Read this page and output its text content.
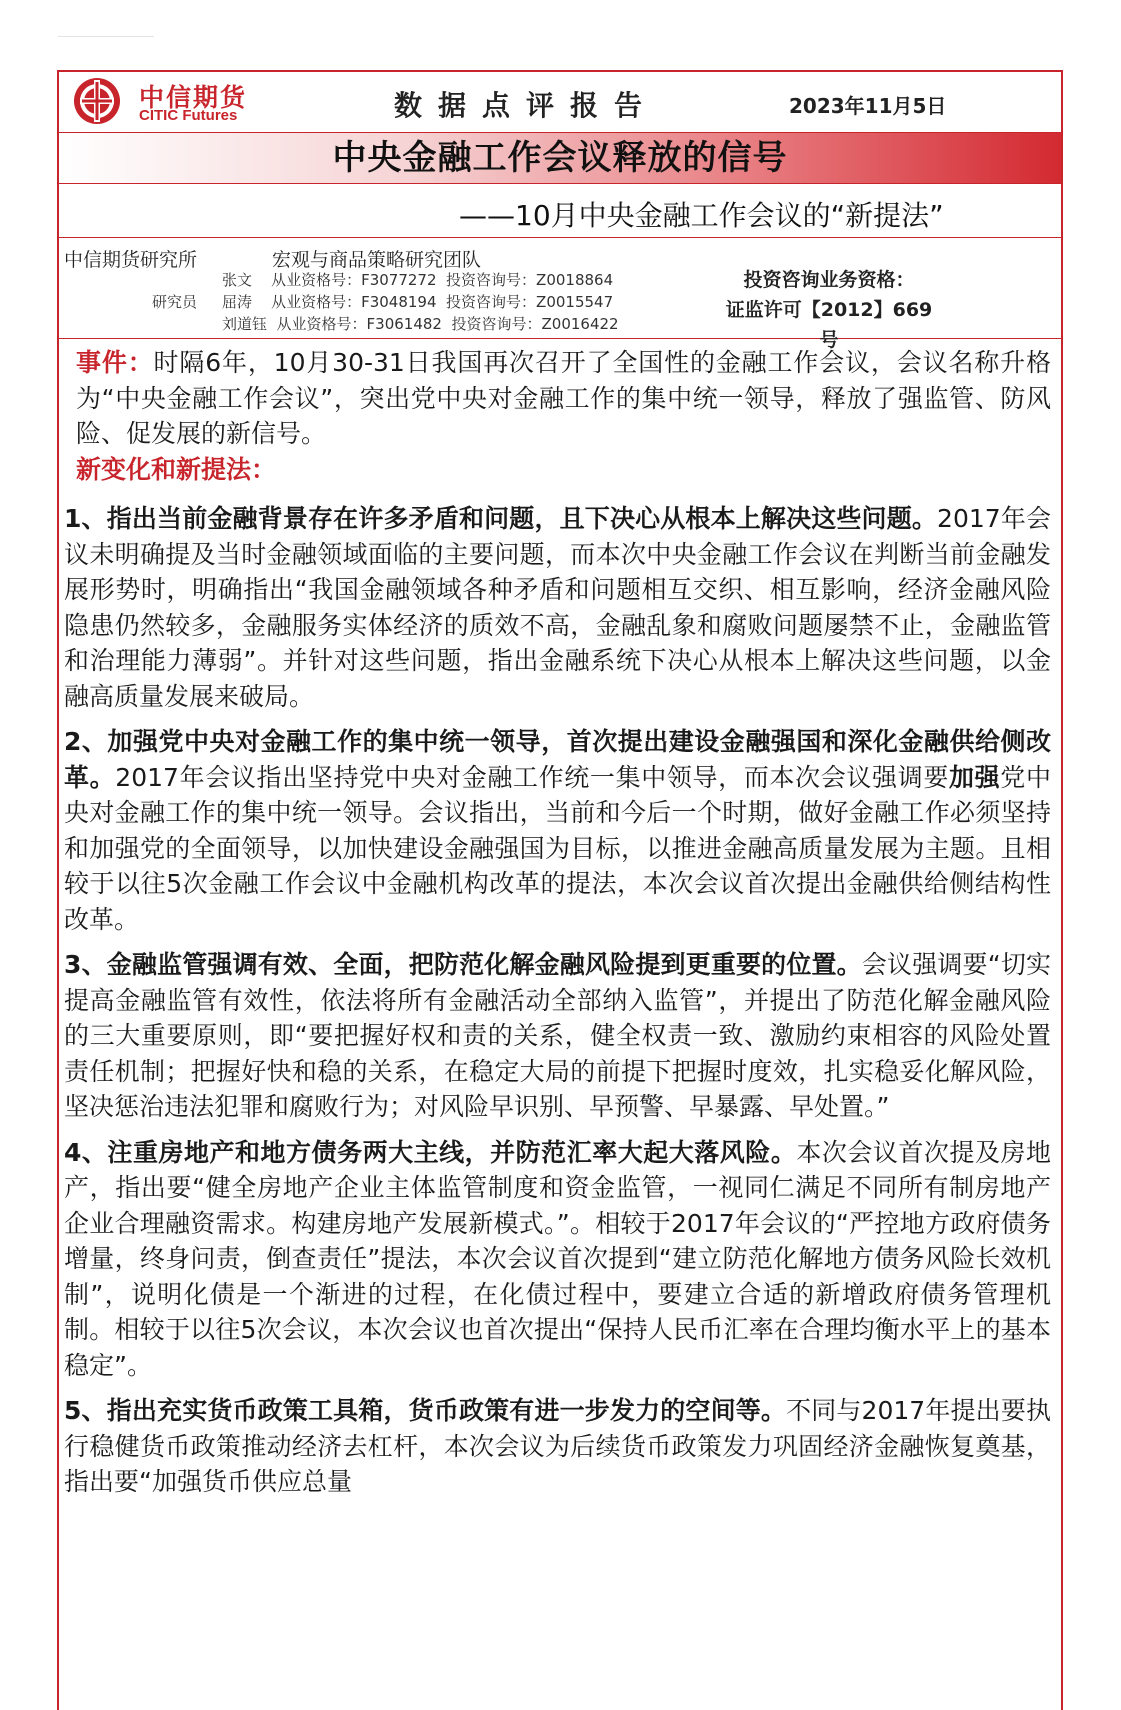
中信期货
CITIC Futures	数据点评报告	2023年11月5日
中央金融工作会议释放的信号
——10月中央金融工作会议的“新提法”
中信期货研究所	宏观与商品策略研究团队
研究员
张文    从业资格号：F3077272  投资咨询号：Z0018864
屈涛    从业资格号：F3048194  投资咨询号：Z0015547
刘道钰  从业资格号：F3061482  投资咨询号：Z0016422
投资咨询业务资格：
证监许可【2012】669号

事件：时隔6年，10月30-31日我国再次召开了全国性的金融工作会议，会议名称升格为“中央金融工作会议”，突出党中央对金融工作的集中统一领导，释放了强监管、防风险、促发展的新信号。

新变化和新提法：

1、指出当前金融背景存在许多矛盾和问题，且下决心从根本上解决这些问题。2017年会议未明确提及当时金融领域面临的主要问题，而本次中央金融工作会议在判断当前金融发展形势时，明确指出“我国金融领域各种矛盾和问题相互交织、相互影响，经济金融风险隐患仍然较多，金融服务实体经济的质效不高，金融乱象和腐败问题屡禁不止，金融监管和治理能力薄弱”。并针对这些问题，指出金融系统下决心从根本上解决这些问题，以金融高质量发展来破局。

2、加强党中央对金融工作的集中统一领导，首次提出建设金融强国和深化金融供给侧改革。2017年会议指出坚持党中央对金融工作统一集中领导，而本次会议强调要加强党中央对金融工作的集中统一领导。会议指出，当前和今后一个时期，做好金融工作必须坚持和加强党的全面领导，以加快建设金融强国为目标，以推进金融高质量发展为主题。且相较于以往5次金融工作会议中金融机构改革的提法，本次会议首次提出金融供给侧结构性改革。

3、金融监管强调有效、全面，把防范化解金融风险提到更重要的位置。会议强调要“切实提高金融监管有效性，依法将所有金融活动全部纳入监管”，并提出了防范化解金融风险的三大重要原则，即“要把握好权和责的关系，健全权责一致、激励约束相容的风险处置责任机制；把握好快和稳的关系，在稳定大局的前提下把握时度效，扎实稳妥化解风险，坚决惩治违法犯罪和腐败行为；对风险早识别、早预警、早暴露、早处置。”

4、注重房地产和地方债务两大主线，并防范汇率大起大落风险。本次会议首次提及房地产，指出要“健全房地产企业主体监管制度和资金监管，一视同仁满足不同所有制房地产企业合理融资需求。构建房地产发展新模式。”。相较于2017年会议的“严控地方政府债务增量，终身问责，倒查责任”提法，本次会议首次提到“建立防范化解地方债务风险长效机制”，说明化债是一个渐进的过程，在化债过程中，要建立合适的新增政府债务管理机制。相较于以往5次会议，本次会议也首次提出“保持人民币汇率在合理均衡水平上的基本稳定”。

5、指出充实货币政策工具箱，货币政策有进一步发力的空间等。不同与2017年提出要执行稳健货币政策推动经济去杠杆，本次会议为后续货币政策发力巩固经济金融恢复奠基，指出要“加强货币供应总量
